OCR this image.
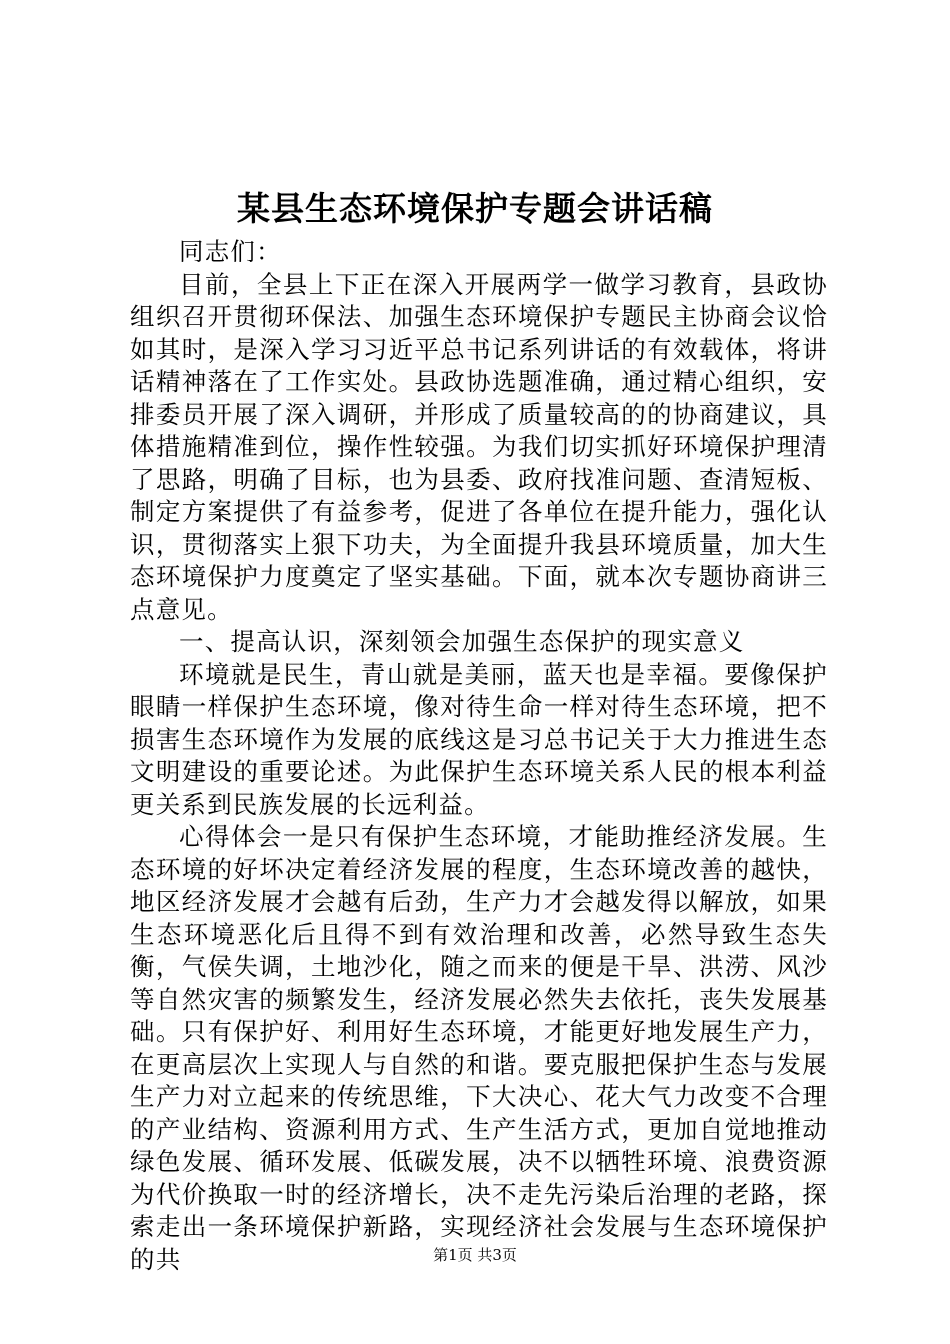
某县生态环境保护专题会讲话稿

同志们：

目前，全县上下正在深入开展两学一做学习教育，县政协组织召开贯彻环保法、加强生态环境保护专题民主协商会议恰如其时，是深入学习习近平总书记系列讲话的有效载体，将讲话精神落在了工作实处。县政协选题准确，通过精心组织，安排委员开展了深入调研，并形成了质量较高的的协商建议，具体措施精准到位，操作性较强。为我们切实抓好环境保护理清了思路，明确了目标，也为县委、政府找准问题、查清短板、制定方案提供了有益参考，促进了各单位在提升能力，强化认识，贯彻落实上狠下功夫，为全面提升我县环境质量，加大生态环境保护力度奠定了坚实基础。下面，就本次专题协商讲三点意见。

一、提高认识，深刻领会加强生态保护的现实意义

环境就是民生，青山就是美丽，蓝天也是幸福。要像保护眼睛一样保护生态环境，像对待生命一样对待生态环境，把不损害生态环境作为发展的底线这是习总书记关于大力推进生态文明建设的重要论述。为此保护生态环境关系人民的根本利益更关系到民族发展的长远利益。

心得体会一是只有保护生态环境，才能助推经济发展。生态环境的好坏决定着经济发展的程度，生态环境改善的越快，地区经济发展才会越有后劲，生产力才会越发得以解放，如果生态环境恶化后且得不到有效治理和改善，必然导致生态失衡，气侯失调，土地沙化，随之而来的便是干旱、洪涝、风沙等自然灾害的频繁发生，经济发展必然失去依托，丧失发展基础。只有保护好、利用好生态环境，才能更好地发展生产力，在更高层次上实现人与自然的和谐。要克服把保护生态与发展生产力对立起来的传统思维，下大决心、花大气力改变不合理的产业结构、资源利用方式、生产生活方式，更加自觉地推动绿色发展、循环发展、低碳发展，决不以牺牲环境、浪费资源为代价换取一时的经济增长，决不走先污染后治理的老路，探索走出一条环境保护新路，实现经济社会发展与生态环境保护的共	第1页 共3页
